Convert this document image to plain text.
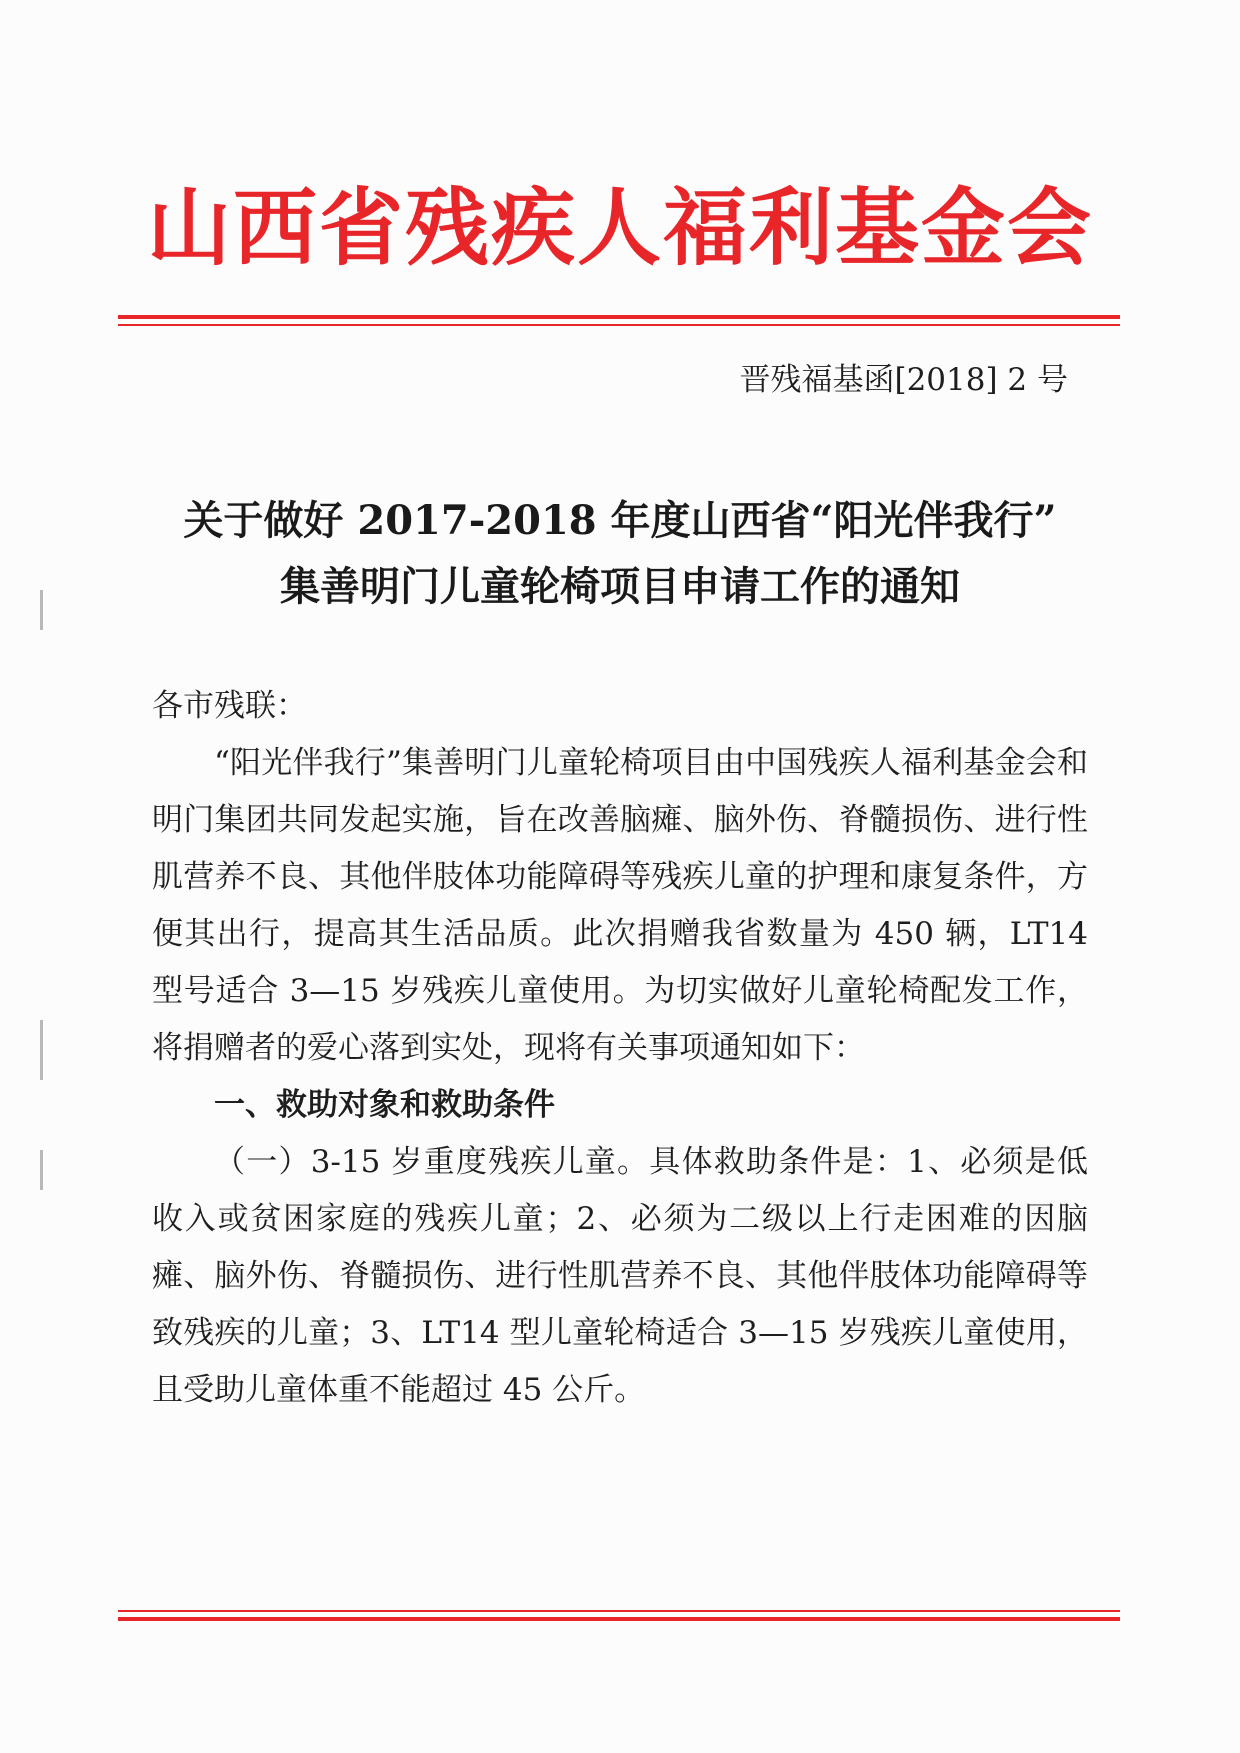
山西省残疾人福利基金会
晋残福基函[2018] 2 号
关于做好 2017-2018 年度山西省“阳光伴我行”
集善明门儿童轮椅项目申请工作的通知

各市残联：

“阳光伴我行”集善明门儿童轮椅项目由中国残疾人福利基金会和明门集团共同发起实施，旨在改善脑瘫、脑外伤、脊髓损伤、进行性肌营养不良、其他伴肢体功能障碍等残疾儿童的护理和康复条件，方便其出行，提高其生活品质。此次捐赠我省数量为 450 辆，LT14 型号适合 3—15 岁残疾儿童使用。为切实做好儿童轮椅配发工作，将捐赠者的爱心落到实处，现将有关事项通知如下：

一、救助对象和救助条件

（一）3-15 岁重度残疾儿童。具体救助条件是：1、必须是低收入或贫困家庭的残疾儿童；2、必须为二级以上行走困难的因脑瘫、脑外伤、脊髓损伤、进行性肌营养不良、其他伴肢体功能障碍等致残疾的儿童；3、LT14 型儿童轮椅适合 3—15 岁残疾儿童使用，且受助儿童体重不能超过 45 公斤。
